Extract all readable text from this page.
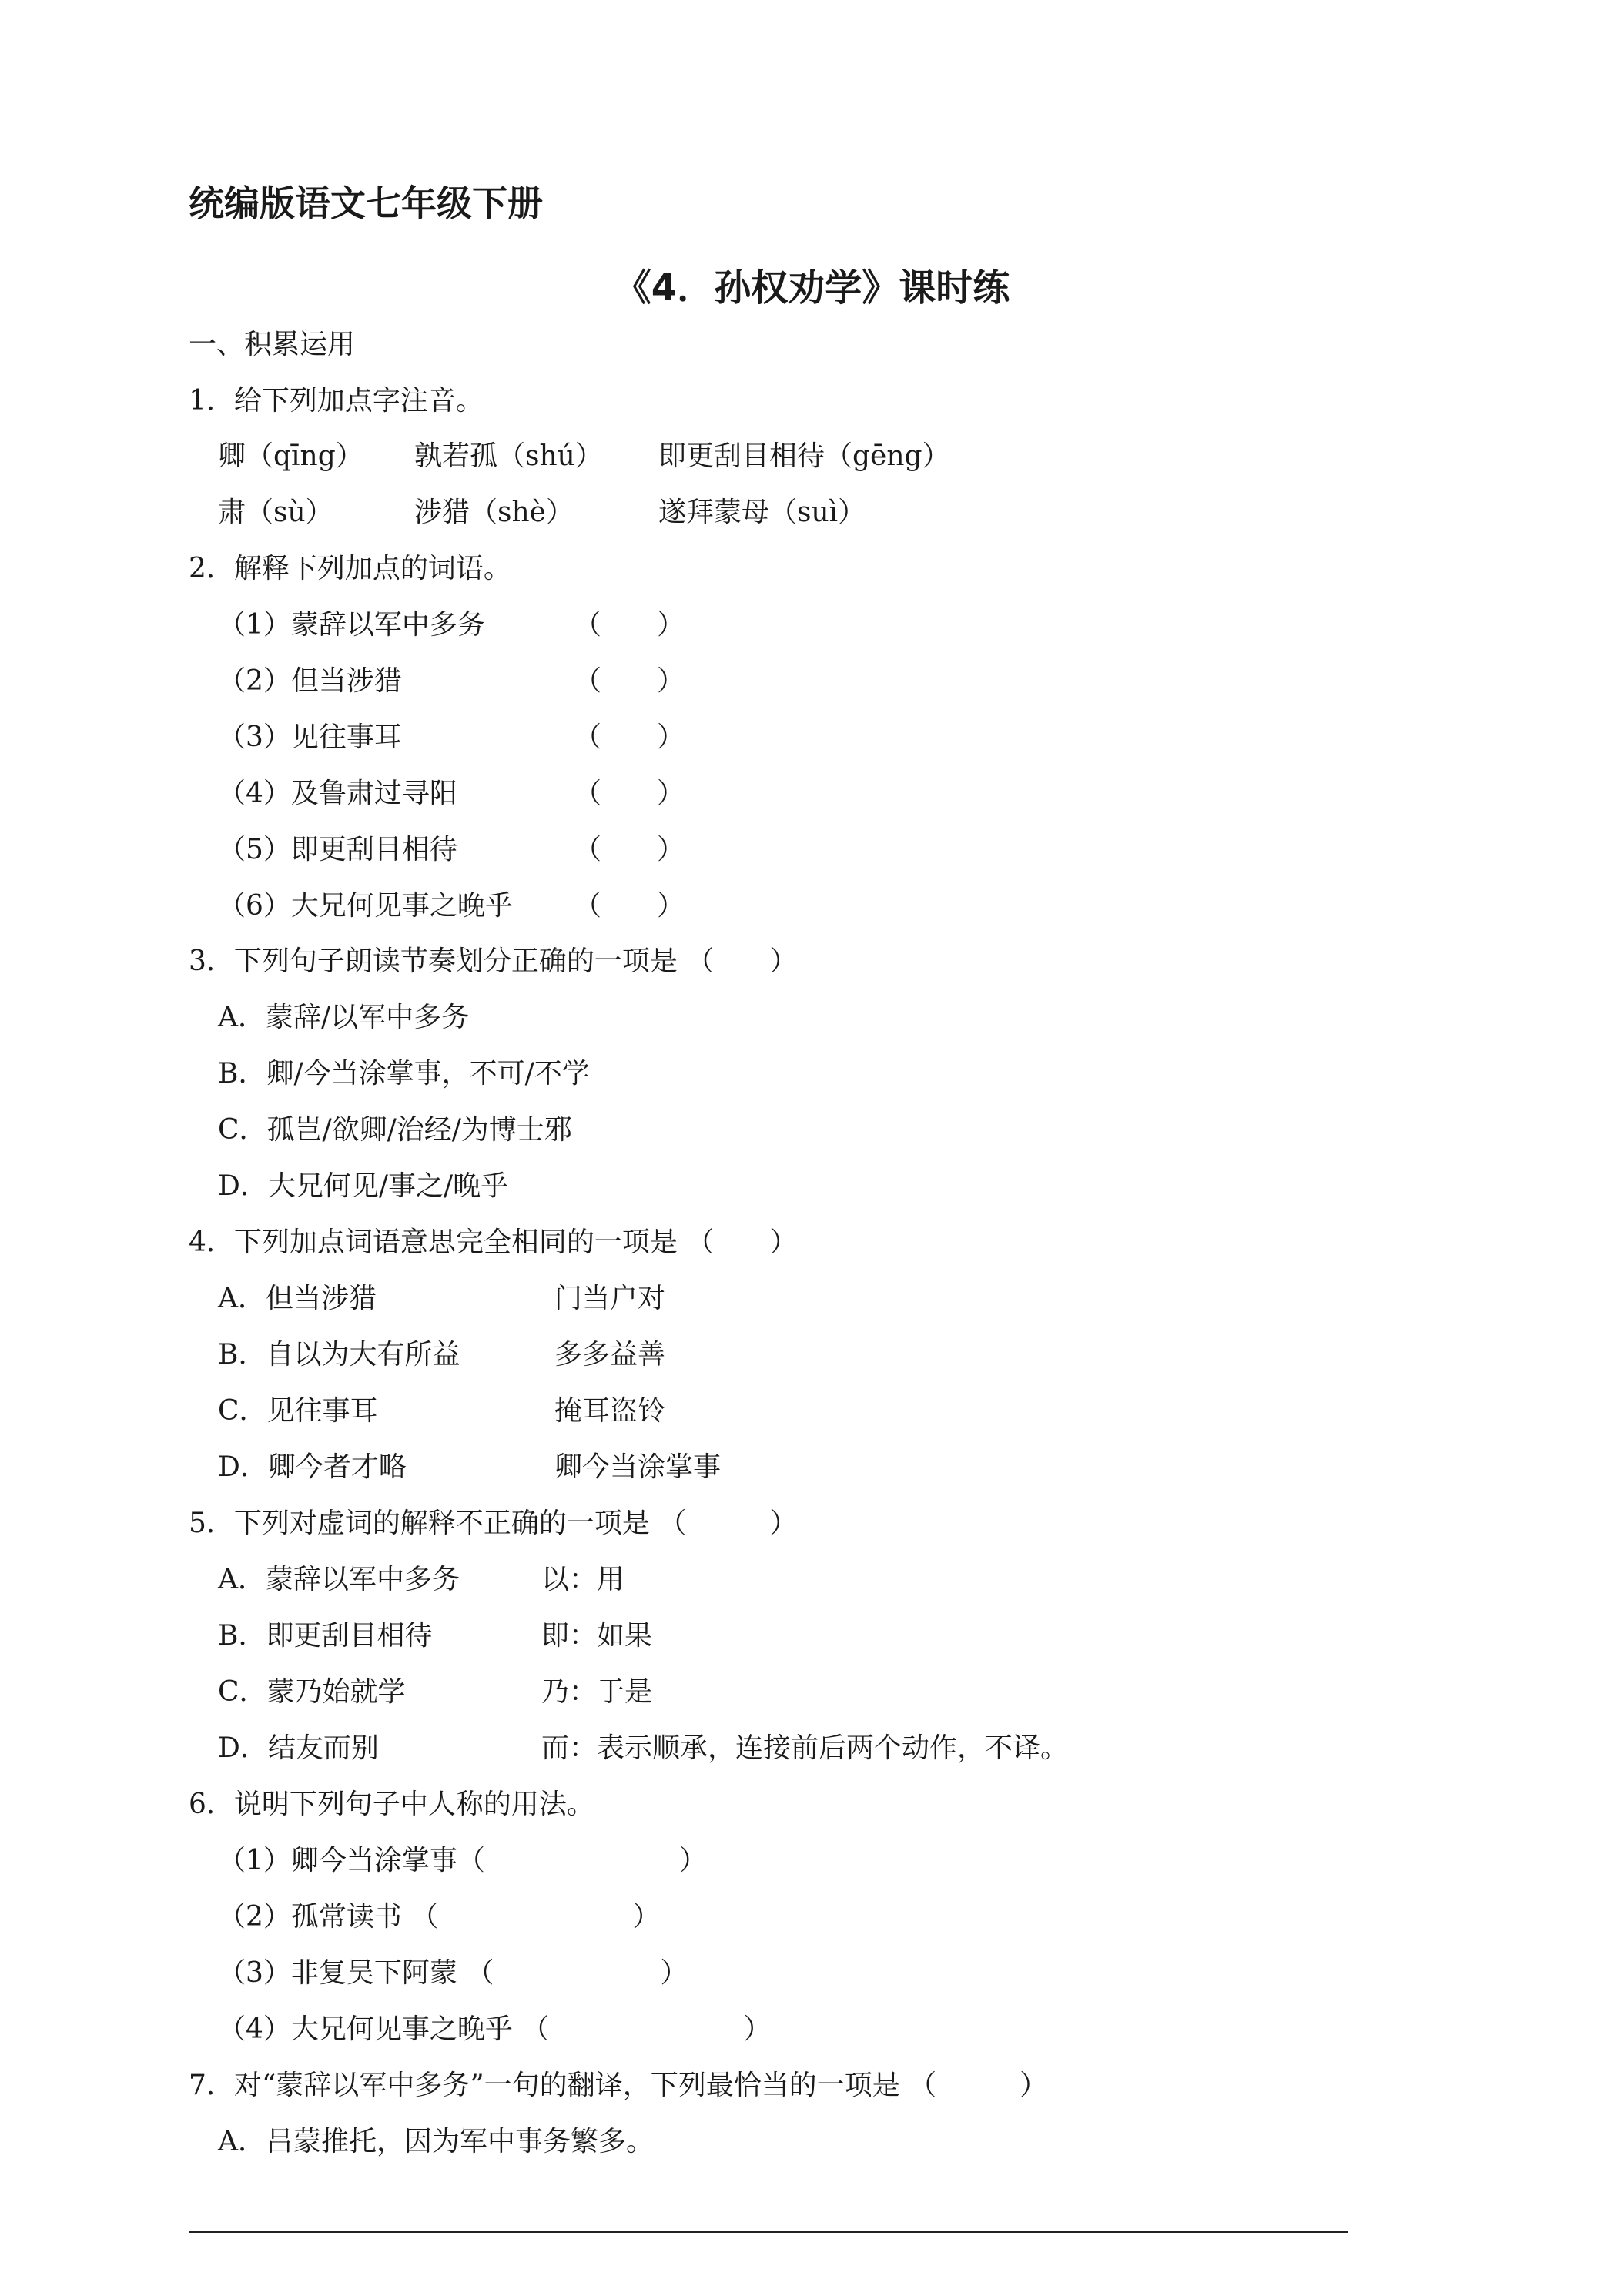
统编版语文七年级下册
《4．孙权劝学》课时练
一、积累运用
1．给下列加点字注音。
卿（qīng） 孰若孤（shú） 即更刮目相待（gēng）
肃（sù）	涉猎（shè）	遂拜蒙母（suì）
2．解释下列加点的词语。
（1）蒙辞以军中多务	（　　）
（2）但当涉猎	（　　）
（3）见往事耳	（　　）
（4）及鲁肃过寻阳	（　　）
（5）即更刮目相待	（　　）
（6）大兄何见事之晚乎 （　　）
3．下列句子朗读节奏划分正确的一项是 （　　）
A．蒙辞/以军中多务
B．卿/今当涂掌事，不可/不学
C．孤岂/欲卿/治经/为博士邪
D．大兄何见/事之/晚乎
4．下列加点词语意思完全相同的一项是 （　　）
A．但当涉猎	门当户对
B．自以为大有所益	多多益善
C．见往事耳	掩耳盗铃
D．卿今者才略	卿今当涂掌事
5．下列对虚词的解释不正确的一项是 （　　　）
A．蒙辞以军中多务	以：用
B．即更刮目相待	即：如果
C．蒙乃始就学	乃：于是
D．结友而别	而：表示顺承，连接前后两个动作，不译。
6．说明下列句子中人称的用法。
（1）卿今当涂掌事（　　　　　　　）
（2）孤常读书 （　　　　　　　）
（3）非复吴下阿蒙 （　　　　　　）
（4）大兄何见事之晚乎 （　　　　　　　）
7．对“蒙辞以军中多务”一句的翻译，下列最恰当的一项是 （　　　）
A．吕蒙推托，因为军中事务繁多。
